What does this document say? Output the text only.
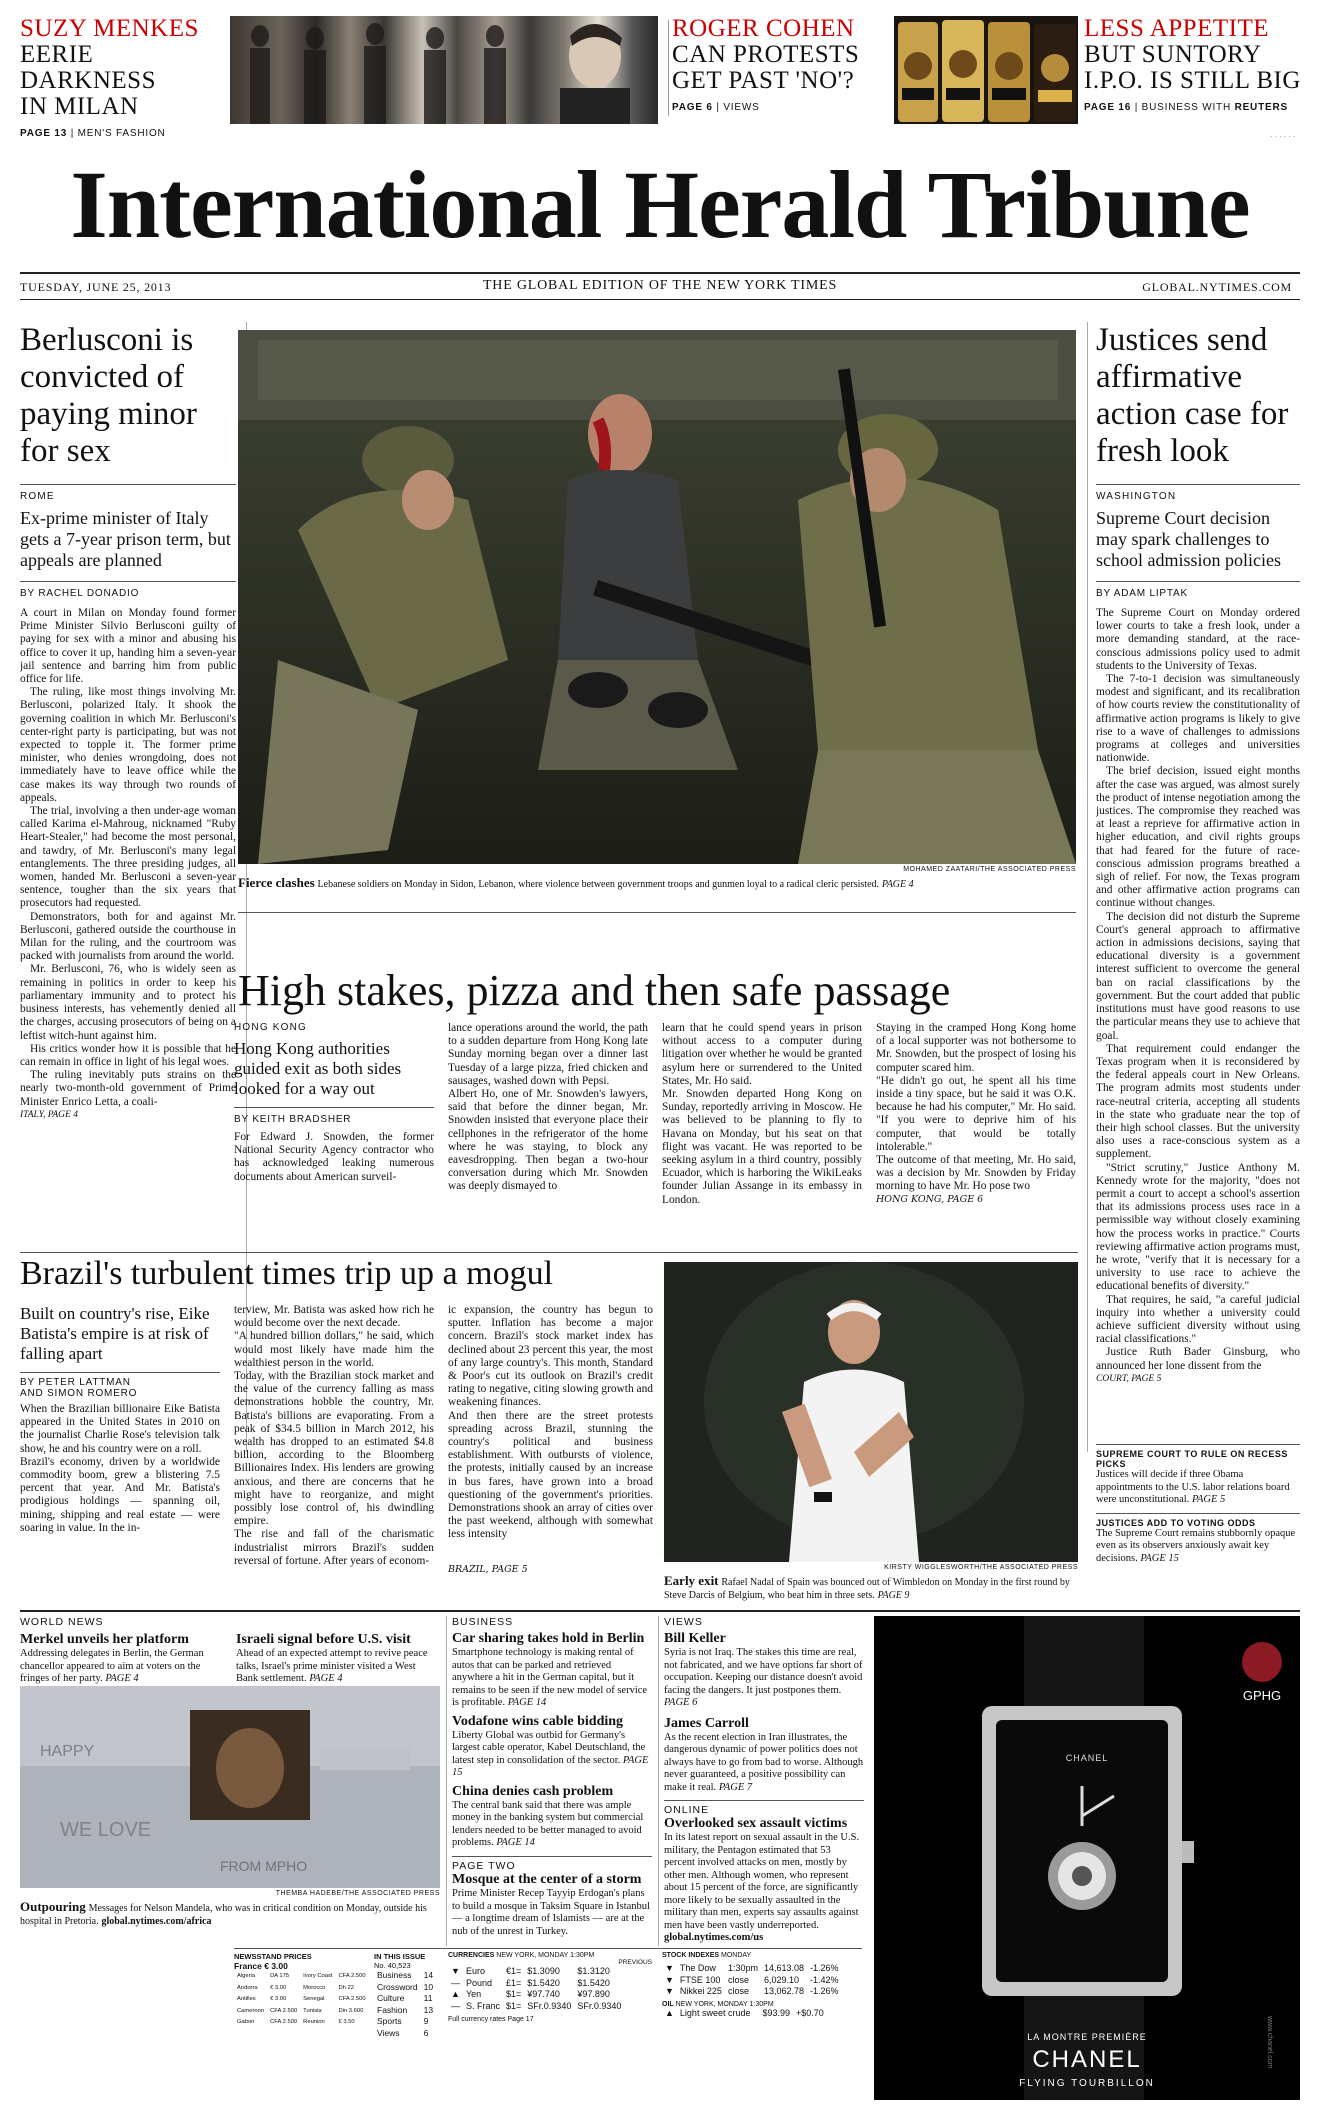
SUZY MENKES
EERIE DARKNESS
IN MILAN
PAGE 13 | MEN'S FASHION
ROGER COHEN
CAN PROTESTS
GET PAST 'NO'?
PAGE 6 | VIEWS
LESS APPETITE
BUT SUNTORY
I.P.O. IS STILL BIG
PAGE 16 | BUSINESS WITH REUTERS
......
International Herald Tribune
TUESDAY, JUNE 25, 2013	THE GLOBAL EDITION OF THE NEW YORK TIMES	GLOBAL.NYTIMES.COM
Berlusconi is convicted of paying minor for sex
ROME
Ex-prime minister of Italy gets a 7-year prison term, but appeals are planned
BY RACHEL DONADIO

A court in Milan on Monday found former Prime Minister Silvio Berlusconi guilty of paying for sex with a minor and abusing his office to cover it up, handing him a seven-year jail sentence and barring him from public office for life.

The ruling, like most things involving Mr. Berlusconi, polarized Italy. It shook the governing coalition in which Mr. Berlusconi's center-right party is participating, but was not expected to topple it. The former prime minister, who denies wrongdoing, does not immediately have to leave office while the case makes its way through two rounds of appeals.

The trial, involving a then under-age woman called Karima el-Mahroug, nicknamed "Ruby Heart-Stealer," had become the most personal, and tawdry, of Mr. Berlusconi's many legal entanglements. The three presiding judges, all women, handed Mr. Berlusconi a seven-year sentence, tougher than the six years that prosecutors had requested.

Demonstrators, both for and against Mr. Berlusconi, gathered outside the courthouse in Milan for the ruling, and the courtroom was packed with journalists from around the world.

Mr. Berlusconi, 76, who is widely seen as remaining in politics in order to keep his parliamentary immunity and to protect his business interests, has vehemently denied all the charges, accusing prosecutors of being on a leftist witch-hunt against him.

His critics wonder how it is possible that he can remain in office in light of his legal woes.

The ruling inevitably puts strains on the nearly two-month-old government of Prime Minister Enrico Letta, a coali-

ITALY, PAGE 4

MOHAMED ZAATARI/THE ASSOCIATED PRESS
Fierce clashes Lebanese soldiers on Monday in Sidon, Lebanon, where violence between government troops and gunmen loyal to a radical cleric persisted. PAGE 4
Justices send affirmative action case for fresh look
WASHINGTON
Supreme Court decision may spark challenges to school admission policies
BY ADAM LIPTAK

The Supreme Court on Monday ordered lower courts to take a fresh look, under a more demanding standard, at the race-conscious admissions policy used to admit students to the University of Texas.

The 7-to-1 decision was simultaneously modest and significant, and its recalibration of how courts review the constitutionality of affirmative action programs is likely to give rise to a wave of challenges to admissions programs at colleges and universities nationwide.

The brief decision, issued eight months after the case was argued, was almost surely the product of intense negotiation among the justices. The compromise they reached was at least a reprieve for affirmative action in higher education, and civil rights groups that had feared for the future of race-conscious admission programs breathed a sigh of relief. For now, the Texas program and other affirmative action programs can continue without changes.

The decision did not disturb the Supreme Court's general approach to affirmative action in admissions decisions, saying that educational diversity is a government interest sufficient to overcome the general ban on racial classifications by the government. But the court added that public institutions must have good reasons to use the particular means they use to achieve that goal.

That requirement could endanger the Texas program when it is reconsidered by the federal appeals court in New Orleans. The program admits most students under race-neutral criteria, accepting all students in the state who graduate near the top of their high school classes. But the university also uses a race-conscious system as a supplement.

"Strict scrutiny," Justice Anthony M. Kennedy wrote for the majority, "does not permit a court to accept a school's assertion that its admissions process uses race in a permissible way without closely examining how the process works in practice." Courts reviewing affirmative action programs must, he wrote, "verify that it is necessary for a university to use race to achieve the educational benefits of diversity."

That requires, he said, "a careful judicial inquiry into whether a university could achieve sufficient diversity without using racial classifications."

Justice Ruth Bader Ginsburg, who announced her lone dissent from the

COURT, PAGE 5

SUPREME COURT TO RULE ON RECESS PICKS
Justices will decide if three Obama appointments to the U.S. labor relations board were unconstitutional. PAGE 5
JUSTICES ADD TO VOTING ODDS
The Supreme Court remains stubbornly opaque even as its observers anxiously await key decisions. PAGE 15
High stakes, pizza and then safe passage
HONG KONG
Hong Kong authorities guided exit as both sides looked for a way out
BY KEITH BRADSHER
For Edward J. Snowden, the former National Security Agency contractor who has acknowledged leaking numerous documents about American surveil-
lance operations around the world, the path to a sudden departure from Hong Kong late Sunday morning began over a dinner last Tuesday of a large pizza, fried chicken and sausages, washed down with Pepsi.
Albert Ho, one of Mr. Snowden's lawyers, said that before the dinner began, Mr. Snowden insisted that everyone place their cellphones in the refrigerator of the home where he was staying, to block any eavesdropping. Then began a two-hour conversation during which Mr. Snowden was deeply dismayed to
learn that he could spend years in prison without access to a computer during litigation over whether he would be granted asylum here or surrendered to the United States, Mr. Ho said.
Mr. Snowden departed Hong Kong on Sunday, reportedly arriving in Moscow. He was believed to be planning to fly to Havana on Monday, but his seat on that flight was vacant. He was reported to be seeking asylum in a third country, possibly Ecuador, which is harboring the WikiLeaks founder Julian Assange in its embassy in London.
Staying in the cramped Hong Kong home of a local supporter was not bothersome to Mr. Snowden, but the prospect of losing his computer scared him.
"He didn't go out, he spent all his time inside a tiny space, but he said it was O.K. because he had his computer," Mr. Ho said. "If you were to deprive him of his computer, that would be totally intolerable."
The outcome of that meeting, Mr. Ho said, was a decision by Mr. Snowden by Friday morning to have Mr. Ho pose two
HONG KONG, PAGE 6
Brazil's turbulent times trip up a mogul
Built on country's rise, Eike Batista's empire is at risk of falling apart
BY PETER LATTMAN
AND SIMON ROMERO
When the Brazilian billionaire Eike Batista appeared in the United States in 2010 on the journalist Charlie Rose's television talk show, he and his country were on a roll.
Brazil's economy, driven by a worldwide commodity boom, grew a blistering 7.5 percent that year. And Mr. Batista's prodigious holdings — spanning oil, mining, shipping and real estate — were soaring in value. In the in-
terview, Mr. Batista was asked how rich he would become over the next decade.
"A hundred billion dollars," he said, which would most likely have made him the wealthiest person in the world.
Today, with the Brazilian stock market and the value of the currency falling as mass demonstrations hobble the country, Mr. Batista's billions are evaporating. From a peak of $34.5 billion in March 2012, his wealth has dropped to an estimated $4.8 billion, according to the Bloomberg Billionaires Index. His lenders are growing anxious, and there are concerns that he might have to reorganize, and might possibly lose control of, his dwindling empire.
The rise and fall of the charismatic industrialist mirrors Brazil's sudden reversal of fortune. After years of econom-
ic expansion, the country has begun to sputter. Inflation has become a major concern. Brazil's stock market index has declined about 23 percent this year, the most of any large country's. This month, Standard & Poor's cut its outlook on Brazil's credit rating to negative, citing slowing growth and weakening finances.
And then there are the street protests spreading across Brazil, stunning the country's political and business establishment. With outbursts of violence, the protests, initially caused by an increase in bus fares, have grown into a broad questioning of the government's priorities. Demonstrations shook an array of cities over the past weekend, although with somewhat less intensity
BRAZIL, PAGE 5	KIRSTY WIGGLESWORTH/THE ASSOCIATED PRESS
Early exit Rafael Nadal of Spain was bounced out of Wimbledon on Monday in the first round by Steve Darcis of Belgium, who beat him in three sets. PAGE 9
WORLD NEWS
Merkel unveils her platform
Addressing delegates in Berlin, the German chancellor appeared to aim at voters on the fringes of her party. PAGE 4
Israeli signal before U.S. visit
Ahead of an expected attempt to revive peace talks, Israel's prime minister visited a West Bank settlement. PAGE 4
HAPPY
WE LOVE
FROM MPHO
THEMBA HADEBE/THE ASSOCIATED PRESS
Outpouring Messages for Nelson Mandela, who was in critical condition on Monday, outside his hospital in Pretoria. global.nytimes.com/africa
BUSINESS
Car sharing takes hold in Berlin
Smartphone technology is making rental of autos that can be parked and retrieved anywhere a hit in the German capital, but it remains to be seen if the new model of service is profitable. PAGE 14
Vodafone wins cable bidding
Liberty Global was outbid for Germany's largest cable operator, Kabel Deutschland, the latest step in consolidation of the sector. PAGE 15
China denies cash problem
The central bank said that there was ample money in the banking system but commercial lenders needed to be better managed to avoid problems. PAGE 14
PAGE TWO
Mosque at the center of a storm
Prime Minister Recep Tayyip Erdogan's plans to build a mosque in Taksim Square in Istanbul — a longtime dream of Islamists — are at the nub of the unrest in Turkey.
VIEWS
Bill Keller
Syria is not Iraq. The stakes this time are real, not fabricated, and we have options far short of occupation. Keeping our distance doesn't avoid facing the dangers. It just postpones them. PAGE 6
James Carroll
As the recent election in Iran illustrates, the dangerous dynamic of power politics does not always have to go from bad to worse. Although never guaranteed, a positive possibility can make it real. PAGE 7
ONLINE
Overlooked sex assault victims
In its latest report on sexual assault in the U.S. military, the Pentagon estimated that 53 percent involved attacks on men, mostly by other men. Although women, who represent about 15 percent of the force, are significantly more likely to be sexually assaulted in the military than men, experts say assaults against men have been vastly underreported. global.nytimes.com/us
GPHG
CHANEL
www.chanel.com
LA MONTRE PREMIÈRE
CHANEL
FLYING TOURBILLON
NEWSSTAND PRICES
France € 3.00
Algeria	DA 175	Ivory Coast	CFA 2.500
Andorra	€ 3.00	Morocco	Dh 22
Antilles	€ 3.00	Senegal	CFA 2.500
Cameroon	CFA 2.500	Tunisia	Din 3.600
Gabon	CFA 2.500	Reunion	€ 3.50
IN THIS ISSUE
No. 40,523
Business	14
Crossword	10
Culture	11
Fashion	13
Sports	9
Views	6
CURRENCIES NEW YORK, MONDAY 1:30PM
PREVIOUS
▼	Euro	€1=	$1.3090	$1.3120
—	Pound	£1=	$1.5420	$1.5420
▲	Yen	$1=	¥97.740	¥97.890
—	S. Franc	$1=	SFr.0.9340	SFr.0.9340
Full currency rates Page 17
STOCK INDEXES MONDAY
▼	The Dow	1:30pm	14,613.08	-1.26%
▼	FTSE 100	close	6,029.10	-1.42%
▼	Nikkei 225	close	13,062.78	-1.26%
OIL NEW YORK, MONDAY 1:30PM
▲	Light sweet crude		$93.99	+$0.70
